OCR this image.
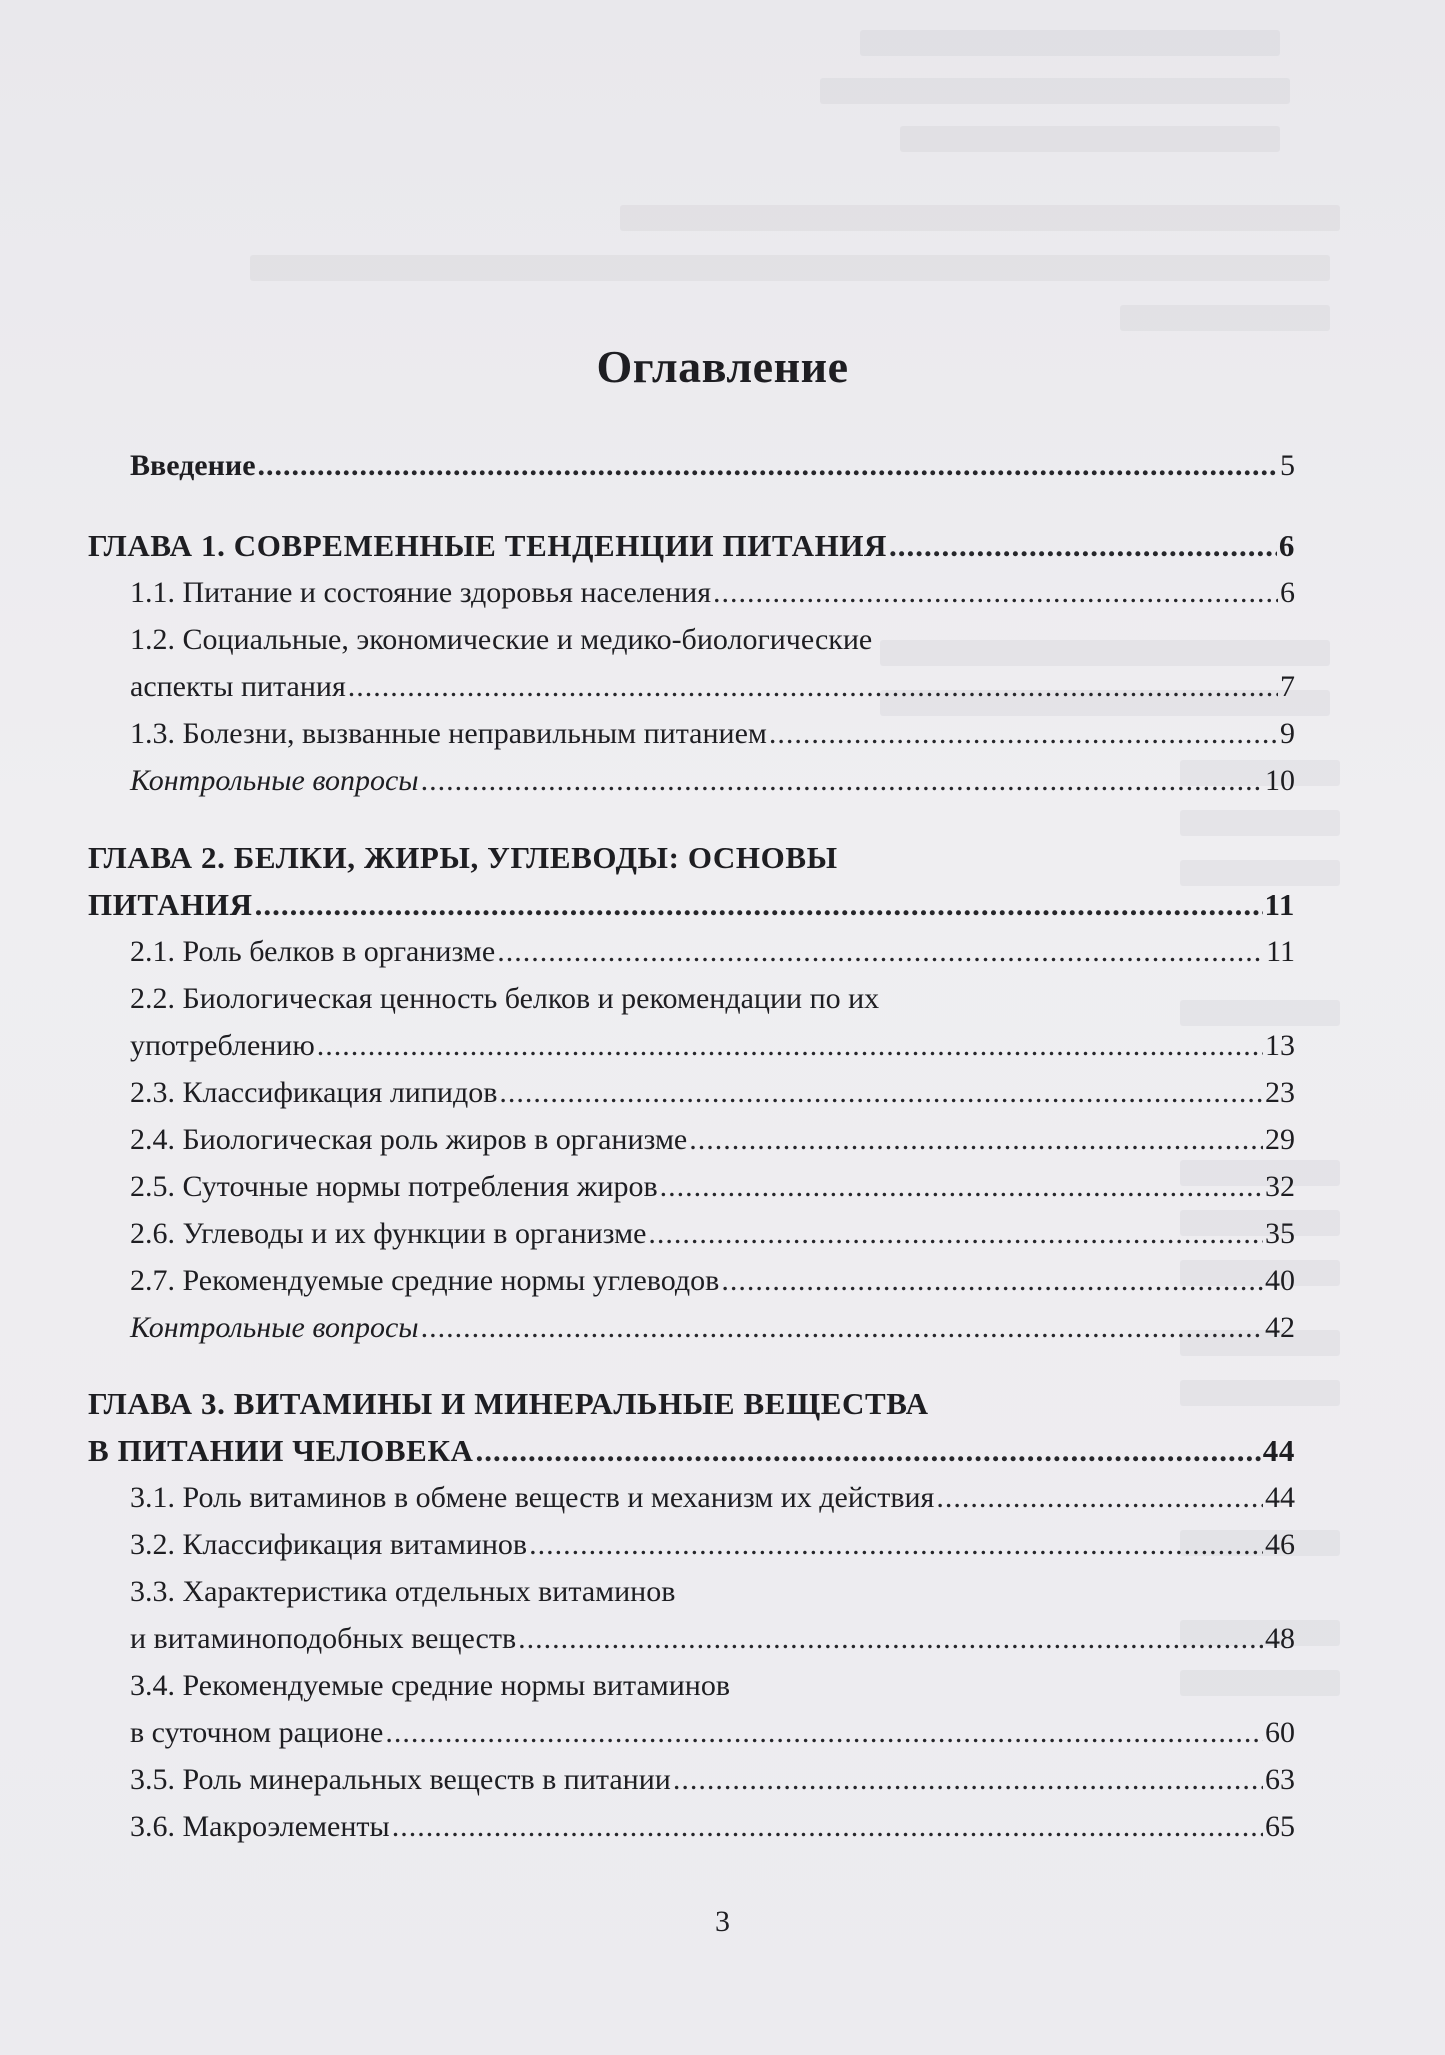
Оглавление
Введение .....	5
ГЛАВА 1. СОВРЕМЕННЫЕ ТЕНДЕНЦИИ ПИТАНИЯ .....	6
1.1. Питание и состояние здоровья населения .....	6
1.2. Социальные, экономические и медико-биологические
аспекты питания .....	7
1.3. Болезни, вызванные неправильным питанием .....	9
Контрольные вопросы .....	10
ГЛАВА 2. БЕЛКИ, ЖИРЫ, УГЛЕВОДЫ: ОСНОВЫ
ПИТАНИЯ .....	11
2.1. Роль белков в организме .....	11
2.2. Биологическая ценность белков и рекомендации по их
употреблению .....	13
2.3. Классификация липидов .....	23
2.4. Биологическая роль жиров в организме .....	29
2.5. Суточные нормы потребления жиров .....	32
2.6. Углеводы и их функции в организме .....	35
2.7. Рекомендуемые средние нормы углеводов .....	40
Контрольные вопросы .....	42
ГЛАВА 3. ВИТАМИНЫ И МИНЕРАЛЬНЫЕ ВЕЩЕСТВА
В ПИТАНИИ ЧЕЛОВЕКА .....	44
3.1. Роль витаминов в обмене веществ и механизм их действия .....	44
3.2. Классификация витаминов .....	46
3.3. Характеристика отдельных витаминов
и витаминоподобных веществ .....	48
3.4. Рекомендуемые средние нормы витаминов
в суточном рационе .....	60
3.5. Роль минеральных веществ в питании .....	63
3.6. Макроэлементы .....	65
3
